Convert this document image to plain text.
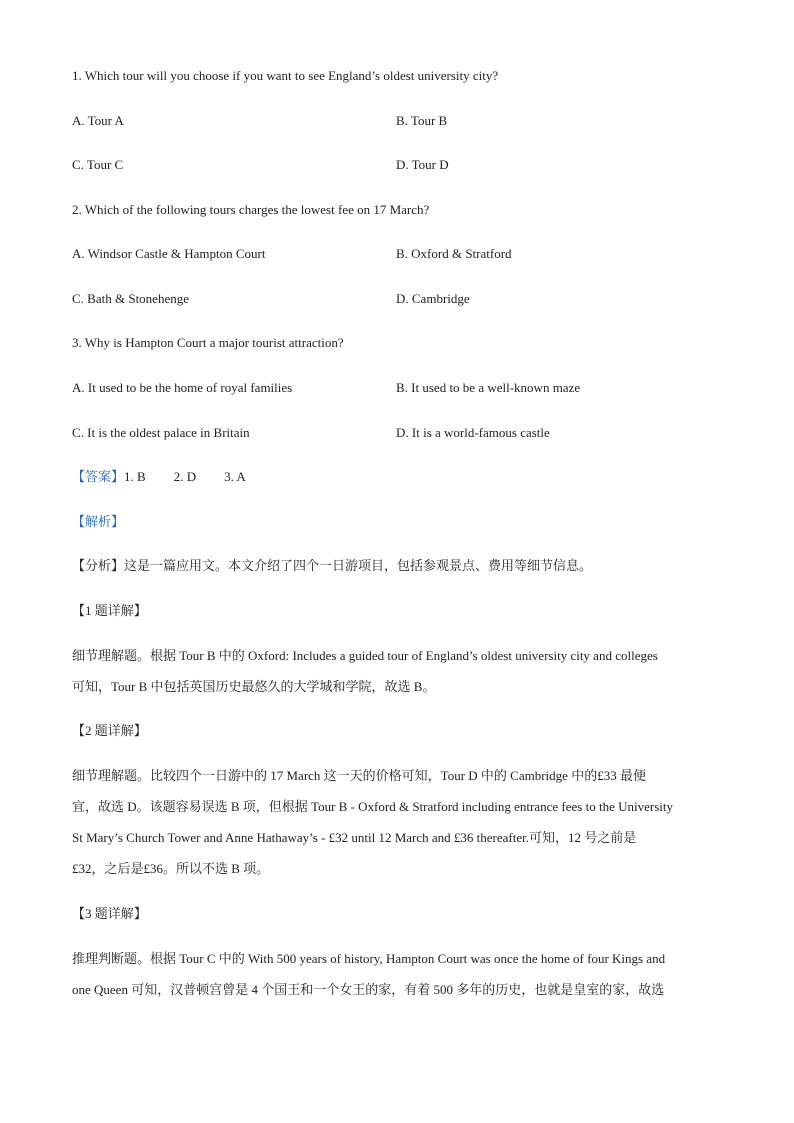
1. Which tour will you choose if you want to see England’s oldest university city?
A. Tour A	B. Tour B
C. Tour C	D. Tour D
2. Which of the following tours charges the lowest fee on 17 March?
A. Windsor Castle & Hampton Court	B. Oxford & Stratford
C. Bath & Stonehenge	D. Cambridge
3. Why is Hampton Court a major tourist attraction?
A. It used to be the home of royal families	B. It used to be a well-known maze
C. It is the oldest palace in Britain	D. It is a world-famous castle
【答案】1. B 2. D 3. A
【解析】
【分析】这是一篇应用文。本文介绍了四个一日游项目，包括参观景点、费用等细节信息。
【1 题详解】
细节理解题。根据 Tour B 中的 Oxford: Includes a guided tour of England’s oldest university city and colleges
可知，Tour B 中包括英国历史最悠久的大学城和学院，故选 B。
【2 题详解】
细节理解题。比较四个一日游中的 17 March 这一天的价格可知，Tour D 中的 Cambridge 中的£33 最便
宜，故选 D。该题容易误选 B 项，但根据 Tour B - Oxford & Stratford including entrance fees to the University
St Mary’s Church Tower and Anne Hathaway’s - £32 until 12 March and £36 thereafter.可知，12 号之前是
£32，之后是£36。所以不选 B 项。
【3 题详解】
推理判断题。根据 Tour C 中的 With 500 years of history, Hampton Court was once the home of four Kings and
one Queen 可知，汉普顿宫曾是 4 个国王和一个女王的家，有着 500 多年的历史，也就是皇室的家，故选
